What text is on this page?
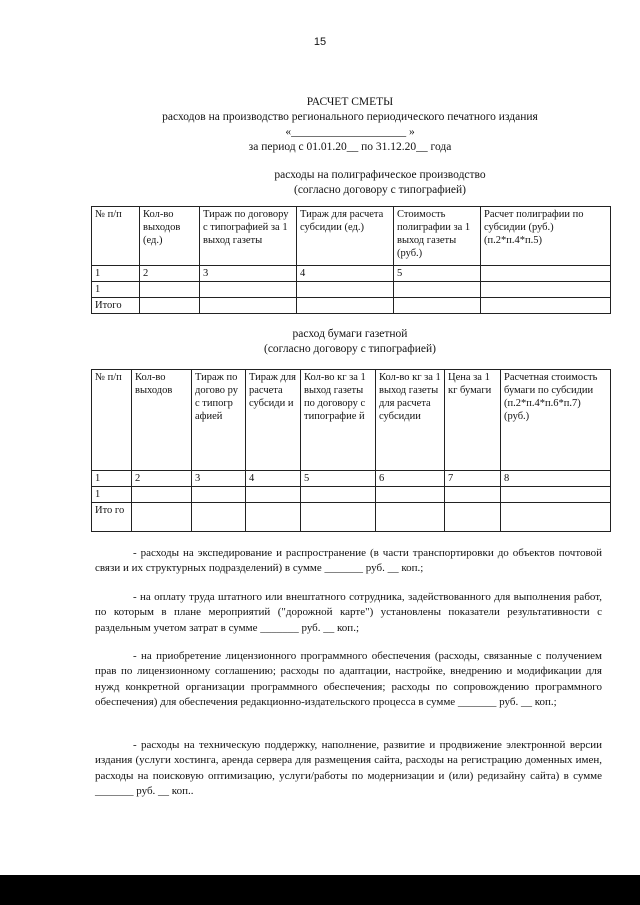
15
РАСЧЕТ СМЕТЫ
расходов на производство регионального периодического печатного издания
«____________________ »
за период с 01.01.20__ по 31.12.20__ года
расходы на полиграфическое производство
(согласно договору с типографией)
№ п/п	Кол-во выходов (ед.)	Тираж по договору с типографией за 1 выход газеты	Тираж для расчета субсидии (ед.)	Стоимость полиграфии за 1 выход газеты (руб.)	Расчет полиграфии по субсидии (руб.) (п.2*п.4*п.5)
1	2	3	4	5	
1					
Итого					
расход бумаги газетной
(согласно договору с типографией)
№ п/п	Кол-во выходов	Тираж по догово ру с типогр афией	Тираж для расчета субсиди и	Кол-во кг за 1 выход газеты по договору с типографие й	Кол-во кг за 1 выход газеты для расчета субсидии	Цена за 1 кг бумаги	Расчетная стоимость бумаги по субсидии (п.2*п.4*п.6*п.7) (руб.)
1	2	3	4	5	6	7	8
1							
Ито го							

- расходы на экспедирование и распространение (в части транспортировки до объектов почтовой связи и их структурных подразделений) в сумме _______ руб. __ коп.;

- на оплату труда штатного или внештатного сотрудника, задействованного для выполнения работ, по которым в плане мероприятий ("дорожной карте") установлены показатели результативности с раздельным учетом затрат в сумме _______ руб. __ коп.;

- на приобретение лицензионного программного обеспечения (расходы, связанные с получением прав по лицензионному соглашению; расходы по адаптации, настройке, внедрению и модификации для нужд конкретной организации программного обеспечения; расходы по сопровождению программного обеспечения) для обеспечения редакционно-издательского процесса в сумме _______ руб. __ коп.;

- расходы на техническую поддержку, наполнение, развитие и продвижение электронной версии издания (услуги хостинга, аренда сервера для размещения сайта, расходы на регистрацию доменных имен, расходы на поисковую оптимизацию, услуги/работы по модернизации и (или) редизайну сайта) в сумме _______ руб. __ коп..
